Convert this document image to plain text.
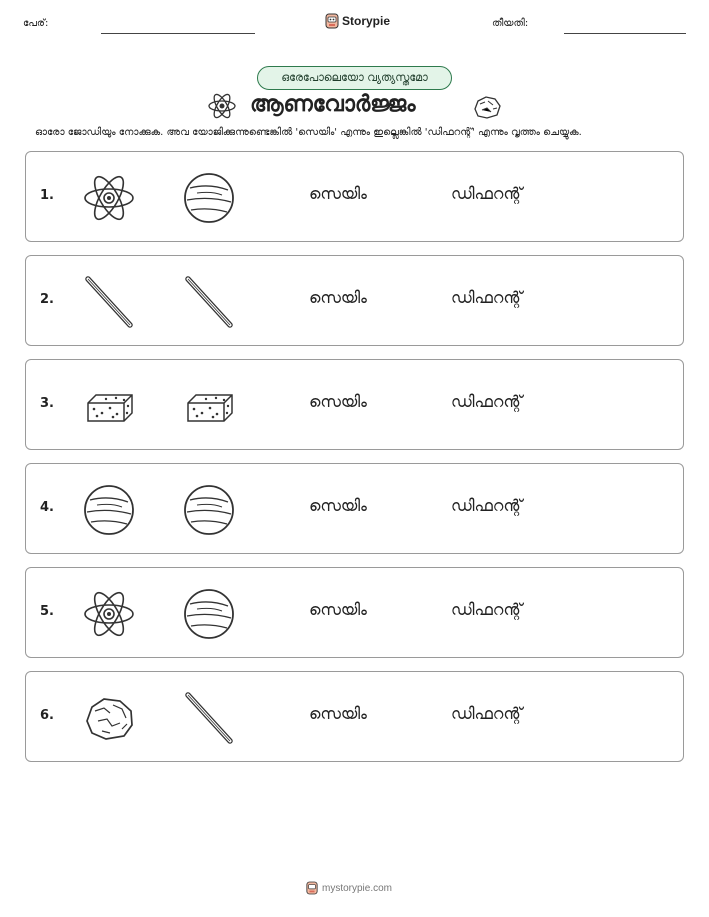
പേര്:	Storypie	തീയതി:
ഒരേപോലെയോ വ്യത്യസ്തമോ
ആണവോർജ്ജം
ഓരോ ജോഡിയും നോക്കുക. അവ യോജിക്കുന്നുണ്ടെങ്കിൽ 'സെയിം' എന്നും ഇല്ലെങ്കിൽ 'ഡിഫറന്റ്' എന്നും വൃത്തം ചെയ്യുക.
1.	സെയിം	ഡിഫറന്റ്
2.	സെയിം	ഡിഫറന്റ്
3.	സെയിം	ഡിഫറന്റ്
4.	സെയിം	ഡിഫറന്റ്
5.	സെയിം	ഡിഫറന്റ്
6.	സെയിം	ഡിഫറന്റ്
mystorypie.com
